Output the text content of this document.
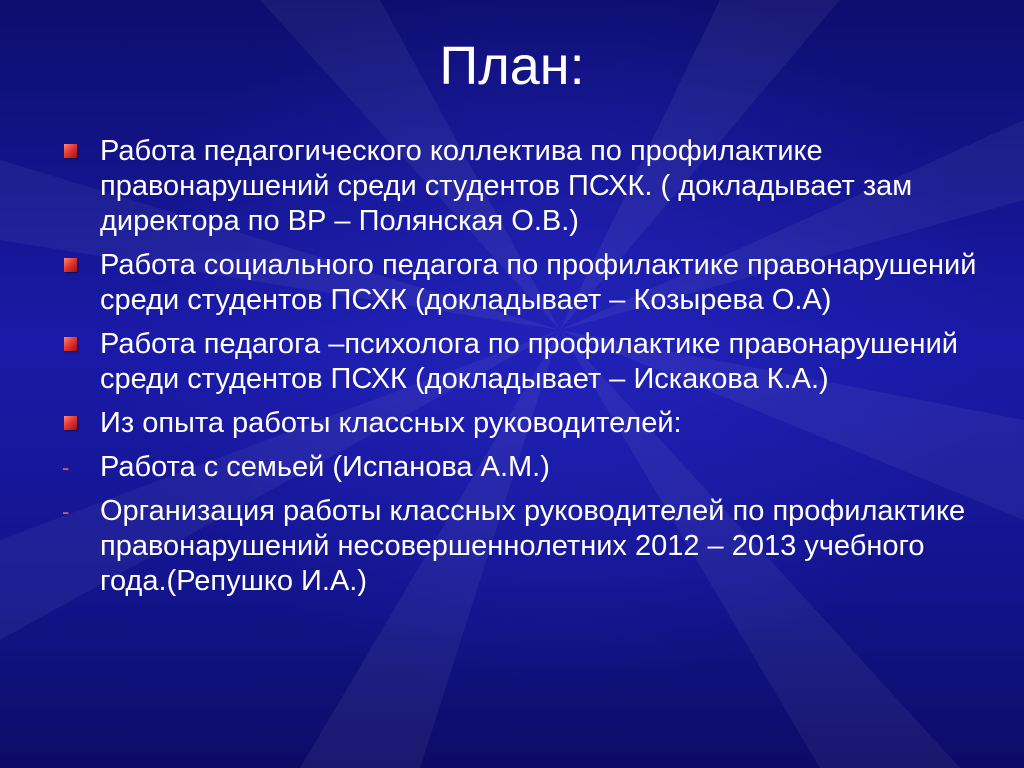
План:
Работа педагогического коллектива по профилактике правонарушений среди студентов ПСХК. ( докладывает зам директора по ВР – Полянская О.В.)
Работа социального педагога по профилактике правонарушений среди студентов ПСХК (докладывает – Козырева О.А)
Работа педагога –психолога по профилактике правонарушений среди студентов ПСХК (докладывает – Искакова К.А.)
Из опыта работы классных руководителей:
- Работа с семьей (Испанова А.М.)
- Организация работы классных руководителей по профилактике правонарушений несовершеннолетних 2012 – 2013 учебного года.(Репушко И.А.)
